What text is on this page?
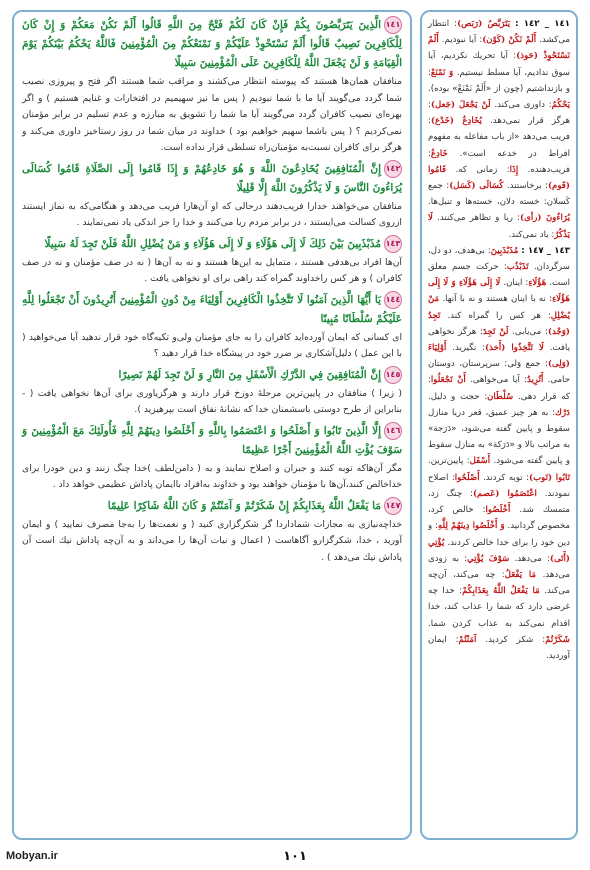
١٤١الَّذِينَ يَتَرَبَّصُونَ بِكُمْ فَإِنْ كَانَ لَكُمْ فَتْحٌ مِنَ اللَّهِ قَالُوا أَلَمْ نَكُنْ مَعَكُمْ وَ إِنْ كَانَ لِلْكَافِرِينَ نَصِيبٌ قَالُوا أَلَمْ نَسْتَحْوِذْ عَلَيْكُمْ وَ نَمْنَعْكُمْ مِنَ الْمُؤْمِنِينَ فَاللَّهُ يَحْكُمُ بَيْنَكُمْ يَوْمَ الْقِيَامَةِ وَ لَنْ يَجْعَلَ اللَّهُ لِلْكَافِرِينَ عَلَى الْمُؤْمِنِينَ سَبِيلًا
منافقان همان‌ها هستند كه پيوسته انتظار مى‌كشند و مراقب شما هستند اگر فتح و پيروزى نصيب شما گردد مى‌گويند آيا ما با شما نبوديم ( پس ما نيز سهيميم در افتخارات و غنايم هستيم ) و اگر بهره‌اى نصيب كافران گردد مى‌گويند آيا ما شما را تشويق به مبارزه و عدم تسليم در برابر مؤمنان نمى‌كرديم ؟ ( پس باشما سهيم خواهيم بود ) خداوند در ميان شما در روز رستاخيز داورى مى‌كند و هرگز براى كافران نسبت‌به مؤمنان‌راه تسلطى قرار نداده است.
١٤٢إِنَّ الْمُنَافِقِينَ يُخَادِعُونَ اللَّهَ وَ هُوَ خَادِعُهُمْ وَ إِذَا قَامُوا إِلَى الصَّلَاةِ قَامُوا كُسَالَى يُرَاءُونَ النَّاسَ وَ لَا يَذْكُرُونَ اللَّهَ إِلَّا قَلِيلًا
منافقان مى‌خواهند خدارا فريب‌دهند درحالى كه او آن‌هارا فريب مى‌دهد و هنگامى‌كه به نماز ايستند ازروى كسالت مى‌ايستند ، در برابر مردم ريا مى‌كنند و خدا را جز اندكى ياد نمى‌نمايند .
١٤٣مُذَبْذَبِينَ بَيْنَ ذَلِكَ لَا إِلَى هَؤُلَاءِ وَ لَا إِلَى هَؤُلَاءِ وَ مَنْ يُضْلِلِ اللَّهُ فَلَنْ تَجِدَ لَهُ سَبِيلًا
آن‌ها افراد بى‌هدفى هستند ، متمايل به اين‌ها هستند و نه به آن‌ها ( نه در صف مؤمنان و نه در صف كافران ) و هر كس راخداوند گمراه كند راهى براى او نخواهى يافت .
١٤٤يَا أَيُّهَا الَّذِينَ آمَنُوا لَا تَتَّخِذُوا الْكَافِرِينَ أَوْلِيَاءَ مِنْ دُونِ الْمُؤْمِنِينَ أَتُرِيدُونَ أَنْ تَجْعَلُوا لِلَّهِ عَلَيْكُمْ سُلْطَانًا مُبِينًا
اى كسانى كه ايمان آورده‌ايد كافران را به جاى مؤمنان ولى‌و تكيه‌گاه خود قرار ندهيد آيا مى‌خواهيد ( با اين عمل ) دليل‌آشكارى بر ضرر خود در پيشگاه خدا قرار دهيد ؟
١٤٥إِنَّ الْمُنَافِقِينَ فِي الدَّرْكِ الْأَسْفَلِ مِنَ النَّارِ وَ لَنْ تَجِدَ لَهُمْ نَصِيرًا
( زيرا ) منافقان در پايين‌ترين مرحلهٔ دوزخ قرار دارند و هرگزياورى براى آن‌ها نخواهى يافت ( - بنابراين از طرح دوستى باسشمنان خدا كه نشانهٔ نفاق است بپرهيزيد ).
١٤٦إِلَّا الَّذِينَ تَابُوا وَ أَصْلَحُوا وَ اعْتَصَمُوا بِاللَّهِ وَ أَخْلَصُوا دِينَهُمْ لِلَّهِ فَأُولَئِكَ مَعَ الْمُؤْمِنِينَ وَ سَوْفَ يُؤْتِ اللَّهُ الْمُؤْمِنِينَ أَجْرًا عَظِيمًا
مگر آن‌هاكه توبه كنند و جبران و اصلاح نمايند و به ( دامن‌لطف )خدا چنگ زنند و دين خودرا براى خداخالص كنند،آن‌ها با مؤمنان خواهند بود و خداوند به‌افراد باايمان پاداش عظيمى خواهد داد .
١٤٧مَا يَفْعَلُ اللَّهُ بِعَذَابِكُمْ إِنْ شَكَرْتُمْ وَ آمَنْتُمْ وَ كَانَ اللَّهُ شَاكِرًا عَلِيمًا
خداچه‌نيازى به مجازات شماداردا گر شكرگزارى كنيد ( و نعمت‌ها را به‌جا مصرف نماييد ) و ايمان آوريد ، خدا، شكرگزارو آگاهاست ( اعمال و نيات آن‌ها را مى‌داند و به آن‌چه پاداش نيك است آن پاداش نيك مى‌دهد ) .
١٤١ _ ١٤٢ : يَتَرَبَّصُ (رَبَص): انتظار مى‌كشد. أَلَمْ نَكُنْ (كَوْن): آيا نبوديم. أَلَمْ نَسْتَحْوِذْ (حَوذ): آيا تحريك نكرديم، آيا سوق نداديم، آيا مسلط نيستيم. وَ نَمْنَعْ: و بازنداشتيم (چون از «أَلَمْ نَمْنَعْ» بوده). يَحْكُمُ: داورى مى‌كند. لَنْ يَجْعَلَ (جَعل): هرگز قرار نمى‌دهد. يُخَادِعُ (خَدْع): فريب مى‌دهد «از باب مفاعله به مفهوم افراط در خدعه است». خَادِعُ: فريب‌دهنده. إِذَا: زمانى كه. قَامُوا (قَوم): برخاستند. كُسَالَى (كَسَل): جمع كَسلان: خسته دلان، خسته‌ها و تنبل‌ها. يُرَاءُونَ (رأى): ريا و تظاهر مى‌كنند. لَا يَذْكُرُ: ياد نمى‌كند.
١٤٣ _ ١٤٧ : مُذَبْذَبِينَ: بى‌هدف، دو دل، سرگردان. تَذَبْذُب: حركت جسم معلق است. هَؤُلَاءِ: اينان. لَا إِلَى هَؤُلَاءِ وَ لَا إِلَى هَؤُلَاءِ: نه با اينان هستند و نه با آنها. مَنْ يُضْلِلِ: هر كس را گمراه كند. تَجِدُ (وَجْد): مى‌يابى. لَنْ تَجِدَ: هرگز نخواهى يافت. لَا تَتَّخِذُوا (أَخذ): نگيريد. أَوْلِيَاءَ (وَلِى): جمع وَلى: سرپرستان، دوستان حامى. أَتُرِيدُ: آيا مى‌خواهى. أَنْ تَجْعَلُوا: كه قرار دهى. سُلْطَان: حجت و دليل. دَرْك: به هر چيز عميق، قعر دريا منازل سقوط و پايين گفته مى‌شود، «دَرَجة» به مراتب بالا و «دَرَكة» به منازل سقوط و پايين گفته مى‌شود. أَسْفَل: پايين‌ترين. تَابُوا (تَوب): توبه كردند. أَصْلَحُوا: اصلاح نمودند. اعْتَصَمُوا (عَصم): چنگ زد، متمسك شد. أَخْلَصُوا: خالص كرد، مخصوص گردانيد. وَ أَخْلَصُوا دِينَهُمْ لِلَّهِ: و دين خود را براى خدا خالص كردند. يُؤْتِي (أَتَى): مى‌دهد. سَوْفَ يُؤْتِي: به زودى مى‌دهد. مَا يَفْعَلُ: چه مى‌كند، آن‌چه مى‌كند. مَا يَفْعَلُ اللَّهُ بِعَذَابِكُمْ: خدا چه غرضى دارد كه شما را عذاب كند، خدا اقدام نمى‌كند به عذاب كردن شما. شَكَرْتُمْ: شكر كرديد. آمَنْتُمْ: ايمان آورديد.
Mobyan.ir	١٠١
